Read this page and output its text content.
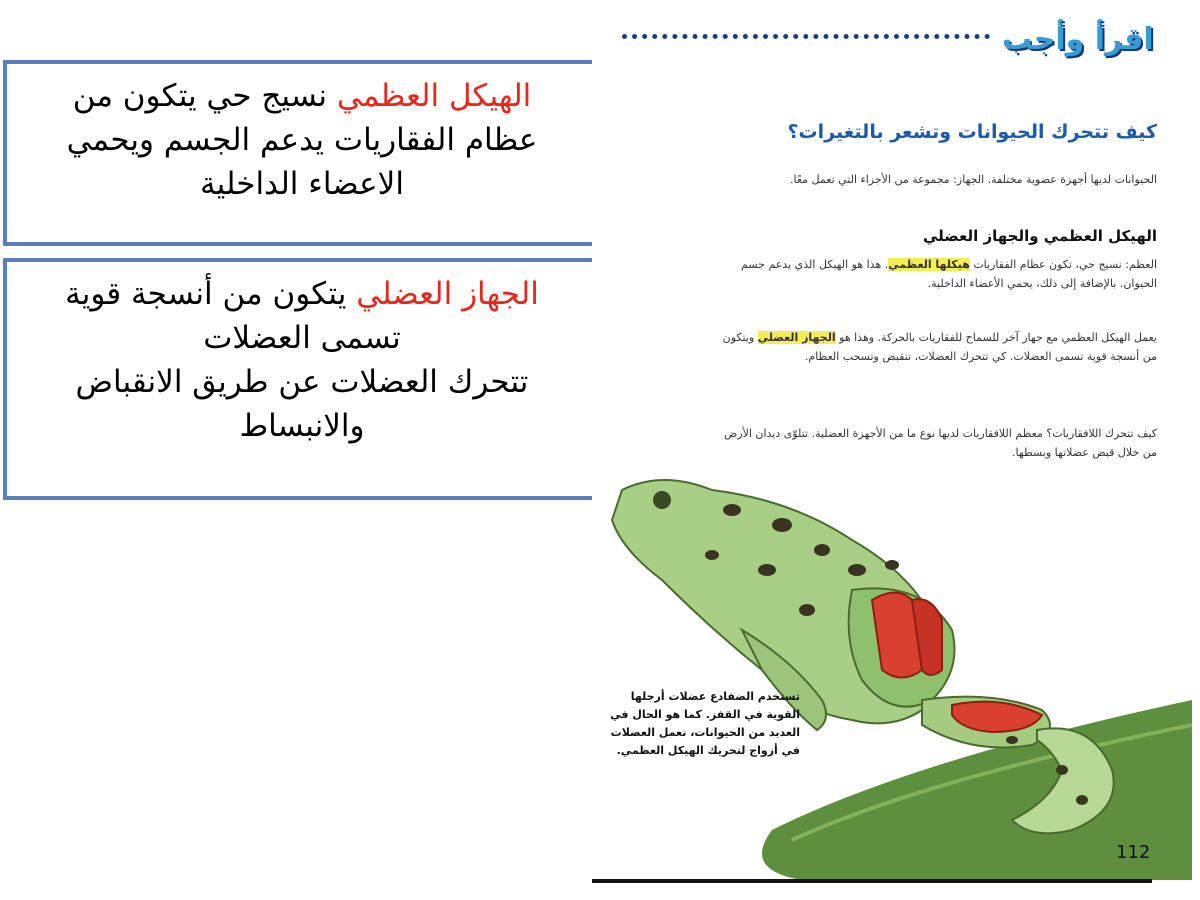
الهيكل العظمي نسيج حي يتكون من
عظام الفقاريات يدعم الجسم ويحمي
الاعضاء الداخلية
الجهاز العضلي يتكون من أنسجة قوية
تسمى العضلات
تتحرك العضلات عن طريق الانقباض
والانبساط
اقرأ وأجب
كيف تتحرك الحيوانات وتشعر بالتغيرات؟
الحيوانات لديها أجهزة عضوية مختلفة. الجهاز: مجموعة من الأجزاء التي تعمل معًا.
الهيكل العظمي والجهاز العضلي
العظم: نسيج حي، تكون عظام الفقاريات هيكلها العظمي. هذا هو الهيكل الذي يدعم جسم الحيوان. بالإضافة إلى ذلك، يحمي الأعضاء الداخلية.
يعمل الهيكل العظمي مع جهاز آخر للسماح للفقاريات بالحركة. وهذا هو الجهاز العضلي ويتكون من أنسجة قوية تسمى العضلات. كي تتحرك العضلات، تنقبض وتسحب العظام.
كيف تتحرك اللافقاريات؟ معظم اللافقاريات لديها نوع ما من الأجهزة العضلية. تتلوّى ديدان الأرض من خلال قبض عضلاتها وبسطها.
تستخدم الضفادع عضلات أرجلها القوية في القفز. كما هو الحال في العديد من الحيوانات، تعمل العضلات في أزواج لتحريك الهيكل العظمي.
112
